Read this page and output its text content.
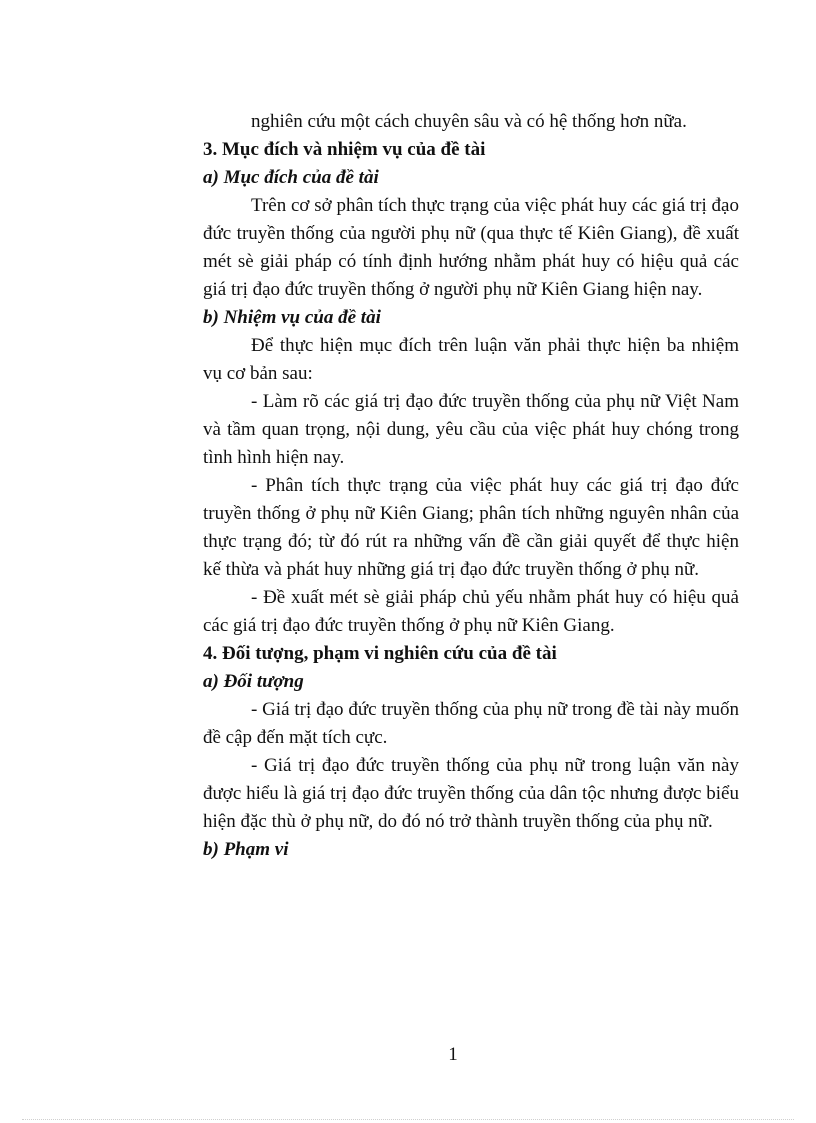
nghiên cứu một cách chuyên sâu và có hệ thống hơn nữa.

3. Mục đích và nhiệm vụ của đề tài

a) Mục đích của đề tài

Trên cơ sở phân tích thực trạng của việc phát huy các giá trị đạo đức truyền thống của người phụ nữ (qua thực tế Kiên Giang), đề xuất mét sè giải pháp có tính định hướng nhằm phát huy có hiệu quả các giá trị đạo đức truyền thống ở người phụ nữ Kiên Giang hiện nay.

b) Nhiệm vụ của đề tài

Để thực hiện mục đích trên luận văn phải thực hiện ba nhiệm vụ cơ bản sau:

- Làm rõ các giá trị đạo đức truyền thống của phụ nữ Việt Nam và tầm quan trọng, nội dung, yêu cầu của việc phát huy chóng trong tình hình hiện nay.

- Phân tích thực trạng của việc phát huy các giá trị đạo đức truyền thống ở phụ nữ Kiên Giang; phân tích những nguyên nhân của thực trạng đó; từ đó rút ra những vấn đề cần giải quyết để thực hiện kế thừa và phát huy những giá trị đạo đức truyền thống ở phụ nữ.

- Đề xuất mét sè giải pháp chủ yếu nhằm phát huy có hiệu quả các giá trị đạo đức truyền thống ở phụ nữ Kiên Giang.

4. Đối tượng, phạm vi nghiên cứu của đề tài

a) Đối tượng

- Giá trị đạo đức truyền thống của phụ nữ trong đề tài này muốn đề cập đến mặt tích cực.

- Giá trị đạo đức truyền thống của phụ nữ trong luận văn này được hiểu là giá trị đạo đức truyền thống của dân tộc nhưng được biểu hiện đặc thù ở phụ nữ, do đó nó trở thành truyền thống của phụ nữ.

b) Phạm vi

1
